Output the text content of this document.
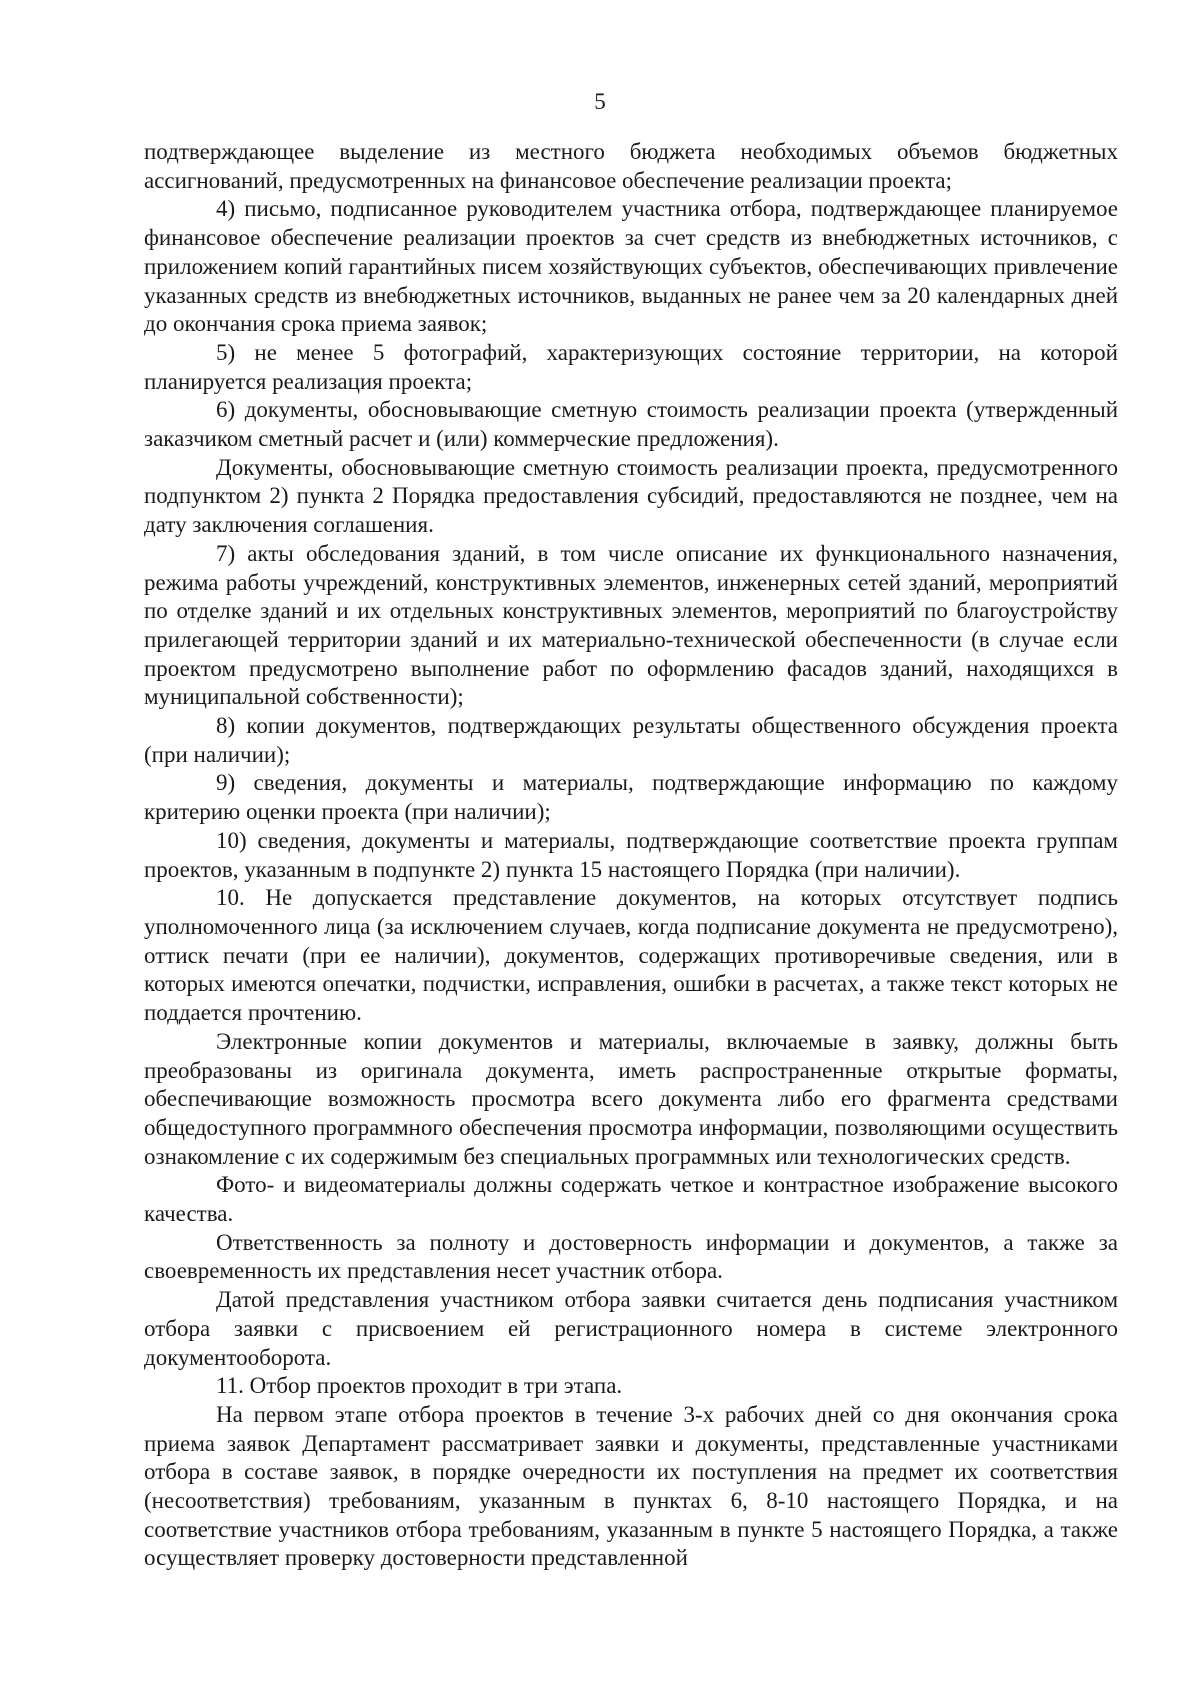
5

подтверждающее выделение из местного бюджета необходимых объемов бюджетных ассигнований, предусмотренных на финансовое обеспечение реализации проекта;

4) письмо, подписанное руководителем участника отбора, подтверждающее планируемое финансовое обеспечение реализации проектов за счет средств из внебюджетных источников, с приложением копий гарантийных писем хозяйствующих субъектов, обеспечивающих привлечение указанных средств из внебюджетных источников, выданных не ранее чем за 20 календарных дней до окончания срока приема заявок;

5) не менее 5 фотографий, характеризующих состояние территории, на которой планируется реализация проекта;

6) документы, обосновывающие сметную стоимость реализации проекта (утвержденный заказчиком сметный расчет и (или) коммерческие предложения).

Документы, обосновывающие сметную стоимость реализации проекта, предусмотренного подпунктом 2) пункта 2 Порядка предоставления субсидий, предоставляются не позднее, чем на дату заключения соглашения.

7) акты обследования зданий, в том числе описание их функционального назначения, режима работы учреждений, конструктивных элементов, инженерных сетей зданий, мероприятий по отделке зданий и их отдельных конструктивных элементов, мероприятий по благоустройству прилегающей территории зданий и их материально-технической обеспеченности (в случае если проектом предусмотрено выполнение работ по оформлению фасадов зданий, находящихся в муниципальной собственности);

8) копии документов, подтверждающих результаты общественного обсуждения проекта (при наличии);

9) сведения, документы и материалы, подтверждающие информацию по каждому критерию оценки проекта (при наличии);

10) сведения, документы и материалы, подтверждающие соответствие проекта группам проектов, указанным в подпункте 2) пункта 15 настоящего Порядка (при наличии).

10. Не допускается представление документов, на которых отсутствует подпись уполномоченного лица (за исключением случаев, когда подписание документа не предусмотрено), оттиск печати (при ее наличии), документов, содержащих противоречивые сведения, или в которых имеются опечатки, подчистки, исправления, ошибки в расчетах, а также текст которых не поддается прочтению.

Электронные копии документов и материалы, включаемые в заявку, должны быть преобразованы из оригинала документа, иметь распространенные открытые форматы, обеспечивающие возможность просмотра всего документа либо его фрагмента средствами общедоступного программного обеспечения просмотра информации, позволяющими осуществить ознакомление с их содержимым без специальных программных или технологических средств.

Фото- и видеоматериалы должны содержать четкое и контрастное изображение высокого качества.

Ответственность за полноту и достоверность информации и документов, а также за своевременность их представления несет участник отбора.

Датой представления участником отбора заявки считается день подписания участником отбора заявки с присвоением ей регистрационного номера в системе электронного документооборота.

11. Отбор проектов проходит в три этапа.

На первом этапе отбора проектов в течение 3-х рабочих дней со дня окончания срока приема заявок Департамент рассматривает заявки и документы, представленные участниками отбора в составе заявок, в порядке очередности их поступления на предмет их соответствия (несоответствия) требованиям, указанным в пунктах 6, 8-10 настоящего Порядка, и на соответствие участников отбора требованиям, указанным в пункте 5 настоящего Порядка, а также осуществляет проверку достоверности представленной
